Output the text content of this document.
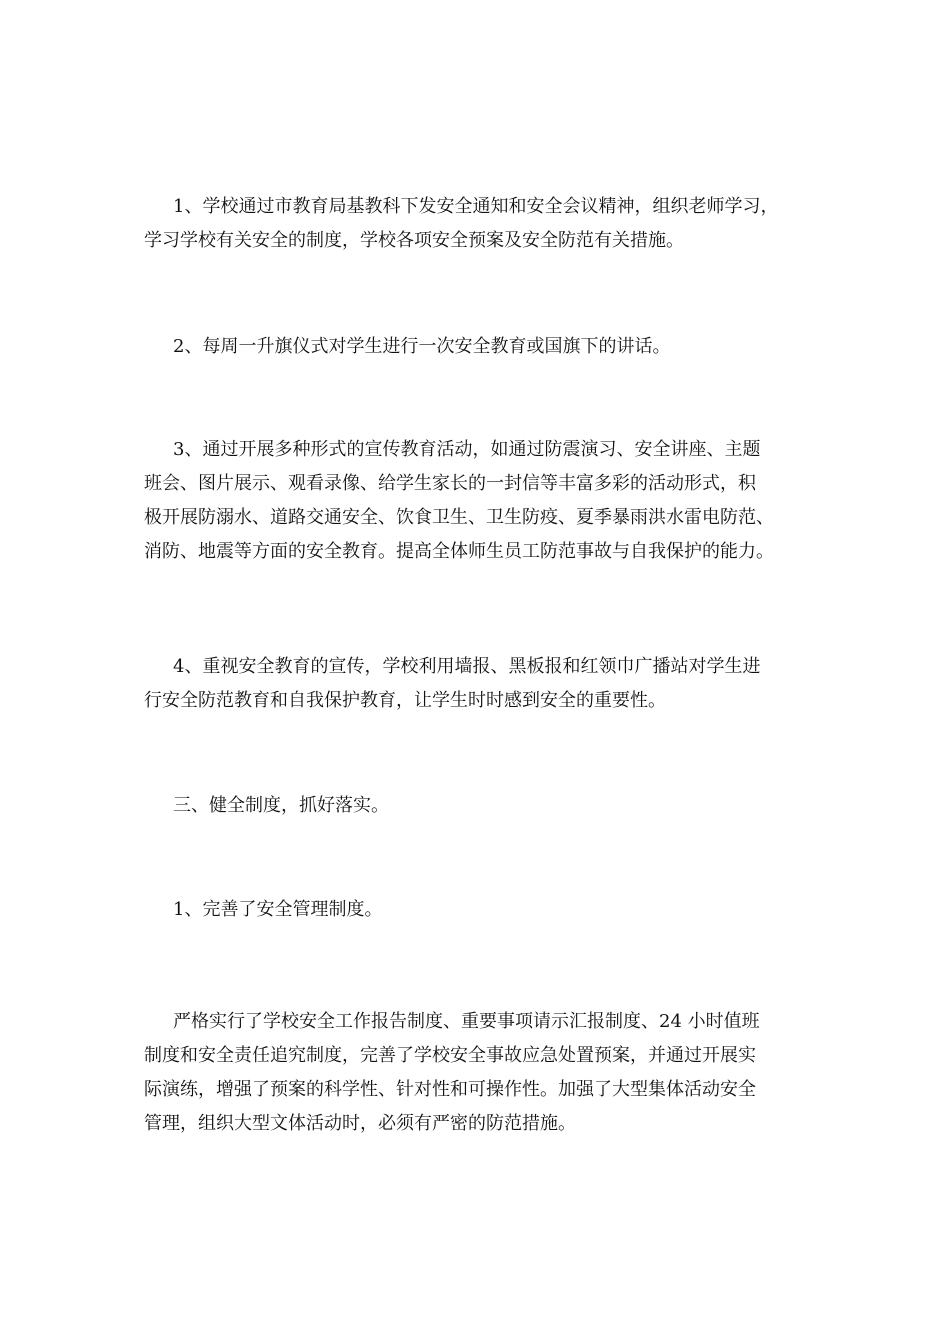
1、学校通过市教育局基教科下发安全通知和安全会议精神，组织老师学习，
学习学校有关安全的制度，学校各项安全预案及安全防范有关措施。
2、每周一升旗仪式对学生进行一次安全教育或国旗下的讲话。
3、通过开展多种形式的宣传教育活动，如通过防震演习、安全讲座、主题
班会、图片展示、观看录像、给学生家长的一封信等丰富多彩的活动形式，积
极开展防溺水、道路交通安全、饮食卫生、卫生防疫、夏季暴雨洪水雷电防范、
消防、地震等方面的安全教育。提高全体师生员工防范事故与自我保护的能力。
4、重视安全教育的宣传，学校利用墙报、黑板报和红领巾广播站对学生进
行安全防范教育和自我保护教育，让学生时时感到安全的重要性。
三、健全制度，抓好落实。
1、完善了安全管理制度。
严格实行了学校安全工作报告制度、重要事项请示汇报制度、24 小时值班
制度和安全责任追究制度，完善了学校安全事故应急处置预案，并通过开展实
际演练，增强了预案的科学性、针对性和可操作性。加强了大型集体活动安全
管理，组织大型文体活动时，必须有严密的防范措施。
